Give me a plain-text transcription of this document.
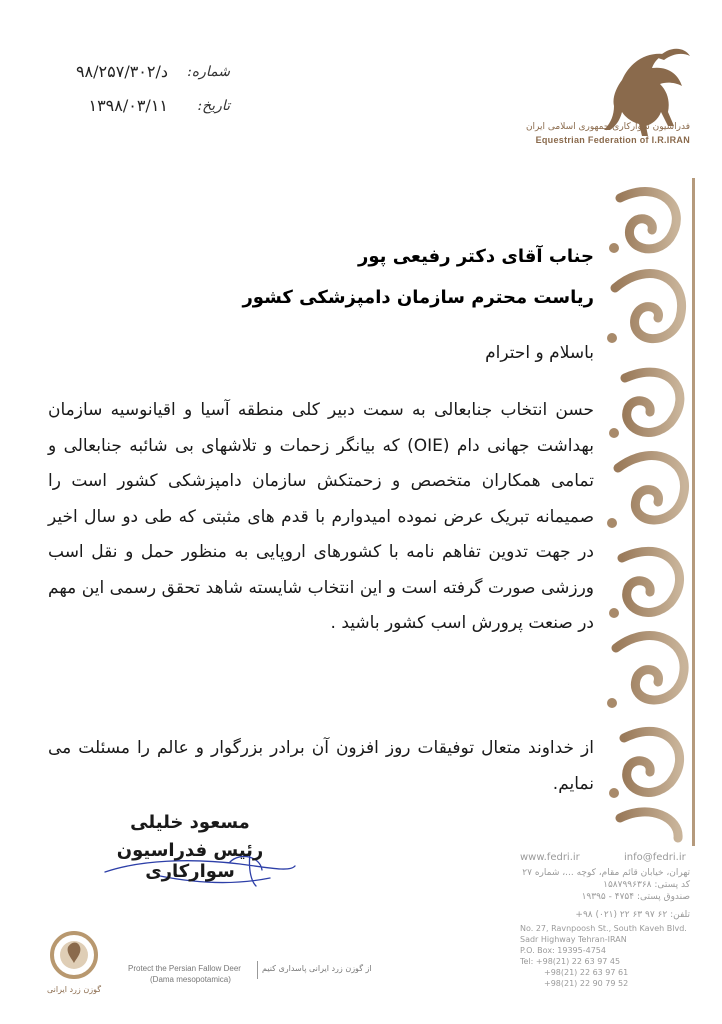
شماره:
۹۸/۲۵۷/د/۳۰۲
تاریخ:
۱۳۹۸/۰۳/۱۱
فدراسیون سوارکاری جمهوری اسلامی ایران
Equestrian Federation of I.R.IRAN
جناب آقای دکتر رفیعی پور
ریاست محترم سازمان دامپزشکی کشور
باسلام و احترام
حسن انتخاب جنابعالی به سمت دبیر کلی منطقه آسیا و اقیانوسیه سازمان بهداشت جهانی دام (OIE) که بیانگر زحمات و تلاشهای بی شائبه جنابعالی و تمامی همکاران متخصص و زحمتکش سازمان دامپزشکی کشور است را صمیمانه تبریک عرض نموده امیدوارم با قدم های مثبتی که طی دو سال اخیر در جهت تدوین تفاهم نامه با کشورهای اروپایی به منظور حمل و نقل اسب ورزشی صورت گرفته است و این انتخاب شایسته شاهد تحقق رسمی این مهم در صنعت پرورش اسب کشور باشید .
از خداوند متعال توفیقات روز افزون آن برادر بزرگوار و عالم را مسئلت می نمایم.
مسعود خلیلی
رئیس فدراسیون سوارکاری
www.fedri.ir	info@fedri.ir
تهران، خیابان قائم مقام، کوچه ...، شماره ۲۷
کد پستی: ۱۵۸۷۹۹۶۳۶۸
صندوق پستی: ۴۷۵۴ - ۱۹۳۹۵
تلفن: ۶۲ ۹۷ ۶۳ ۲۲ (۰۲۱) ۹۸+
No. 27, Ravnpoosh St., South Kaveh Blvd.
Sadr Highway Tehran-IRAN
P.O. Box: 19395-4754
Tel: +98(21) 22 63 97 45
+98(21) 22 63 97 61
+98(21) 22 90 79 52
گوزن زرد ایرانی
Protect the Persian Fallow Deer
(Dama mesopotamica)
از گوزن زرد ایرانی پاسداری کنیم
